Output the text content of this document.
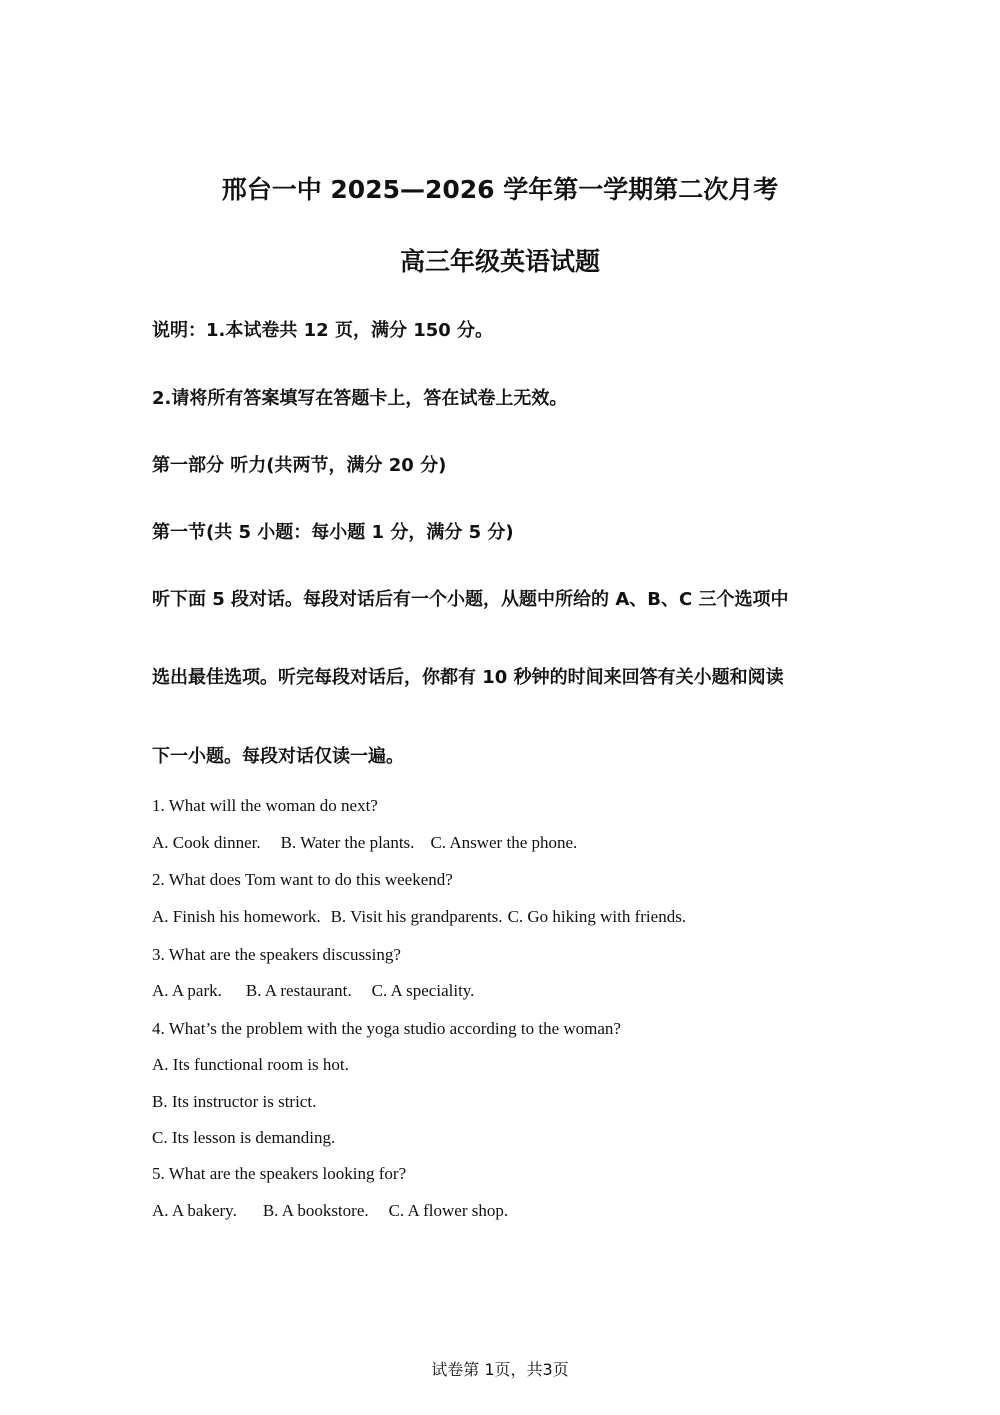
邢台一中 2025—2026 学年第一学期第二次月考
高三年级英语试题
说明：1.本试卷共 12 页，满分 150 分。
2.请将所有答案填写在答题卡上，答在试卷上无效。
第一部分 听力(共两节，满分 20 分)
第一节(共 5 小题：每小题 1 分，满分 5 分)
听下面 5 段对话。每段对话后有一个小题，从题中所给的 A、B、C 三个选项中
选出最佳选项。听完每段对话后，你都有 10 秒钟的时间来回答有关小题和阅读
下一小题。每段对话仅读一遍。
1. What will the woman do next?
A. Cook dinner. B. Water the plants. C. Answer the phone.
2. What does Tom want to do this weekend?
A. Finish his homework. B. Visit his grandparents. C. Go hiking with friends.
3. What are the speakers discussing?
A. A park. B. A restaurant. C. A speciality.
4. What’s the problem with the yoga studio according to the woman?
A. Its functional room is hot.
B. Its instructor is strict.
C. Its lesson is demanding.
5. What are the speakers looking for?
A. A bakery. B. A bookstore. C. A flower shop.
试卷第 1页，共3页
